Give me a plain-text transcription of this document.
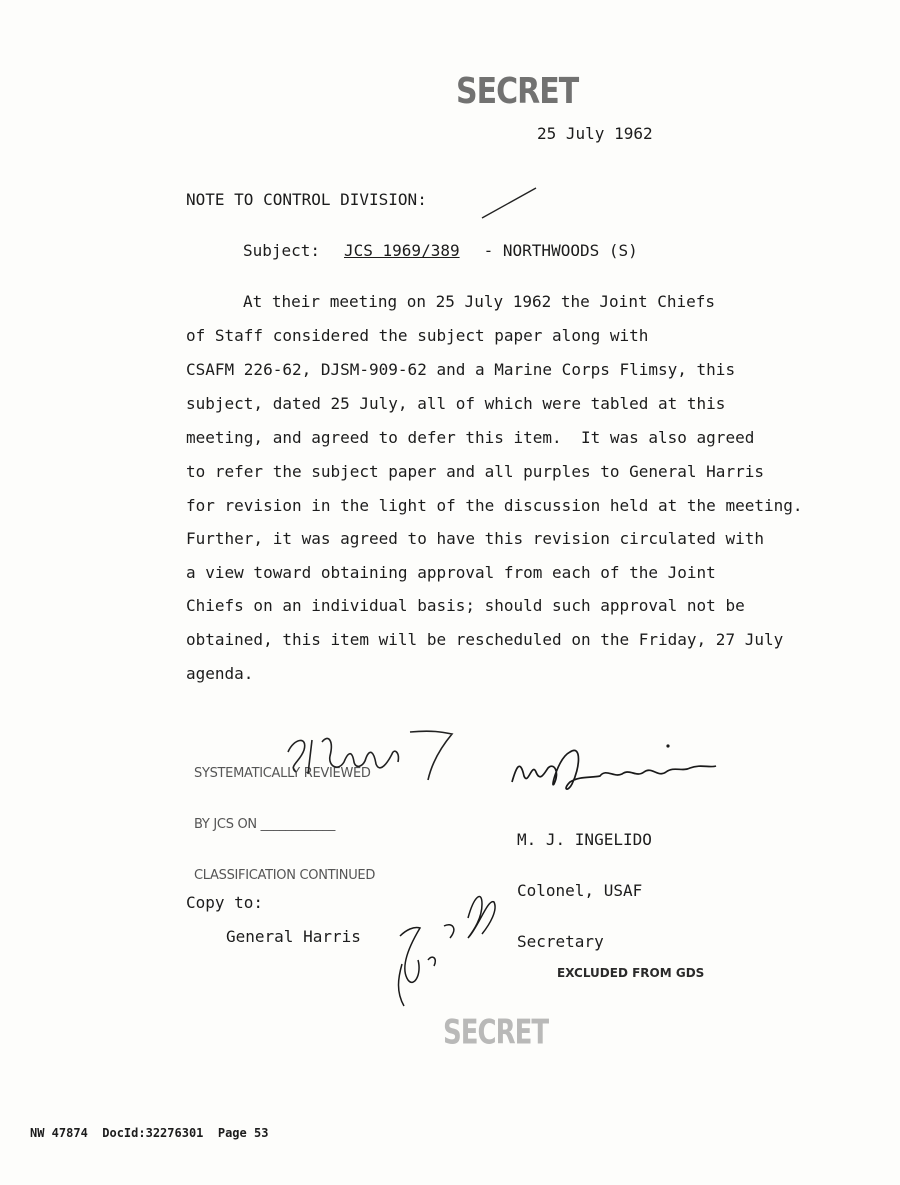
SECRET
25 July 1962
NOTE TO CONTROL DIVISION:
Subject: JCS 1969/389 - NORTHWOODS (S)
At their meeting on 25 July 1962 the Joint Chiefs
of Staff considered the subject paper along with
CSAFM 226-62, DJSM-909-62 and a Marine Corps Flimsy, this
subject, dated 25 July, all of which were tabled at this
meeting, and agreed to defer this item.  It was also agreed
to refer the subject paper and all purples to General Harris
for revision in the light of the discussion held at the meeting.
Further, it was agreed to have this revision circulated with
a view toward obtaining approval from each of the Joint
Chiefs on an individual basis; should such approval not be
obtained, this item will be rescheduled on the Friday, 27 July
agenda.

SYSTEMATICALLY REVIEWED

BY JCS ON ____________

CLASSIFICATION CONTINUED

M. J. INGELIDO

Colonel, USAF

Secretary

Copy to:
General Harris
EXCLUDED FROM GDS
SECRET
NW 47874  DocId:32276301  Page 53
